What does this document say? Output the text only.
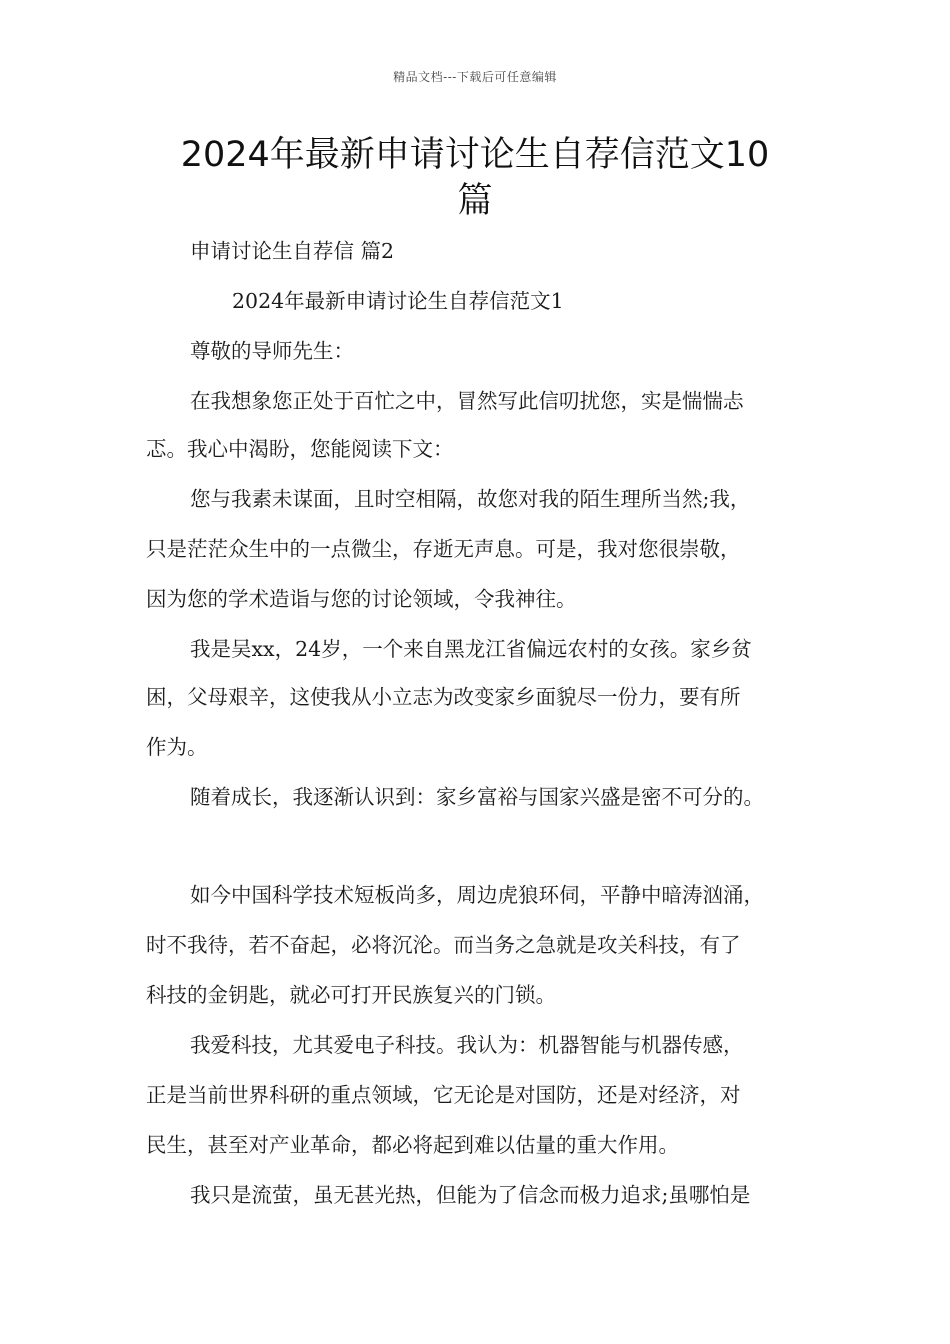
精品文档---下载后可任意编辑
2024年最新申请讨论生自荐信范文10
篇

申请讨论生自荐信 篇2

2024年最新申请讨论生自荐信范文1

尊敬的导师先生：

在我想象您正处于百忙之中，冒然写此信叨扰您，实是惴惴忐

忑。我心中渴盼，您能阅读下文：

您与我素未谋面，且时空相隔，故您对我的陌生理所当然;我，

只是茫茫众生中的一点微尘，存逝无声息。可是，我对您很崇敬，

因为您的学术造诣与您的讨论领域，令我神往。

我是吴xx，24岁，一个来自黑龙江省偏远农村的女孩。家乡贫

困，父母艰辛，这使我从小立志为改变家乡面貌尽一份力，要有所

作为。

随着成长，我逐渐认识到：家乡富裕与国家兴盛是密不可分的。

如今中国科学技术短板尚多，周边虎狼环伺，平静中暗涛汹涌，

时不我待，若不奋起，必将沉沦。而当务之急就是攻关科技，有了

科技的金钥匙，就必可打开民族复兴的门锁。

我爱科技，尤其爱电子科技。我认为：机器智能与机器传感，

正是当前世界科研的重点领域，它无论是对国防，还是对经济，对

民生，甚至对产业革命，都必将起到难以估量的重大作用。

我只是流萤，虽无甚光热，但能为了信念而极力追求;虽哪怕是
